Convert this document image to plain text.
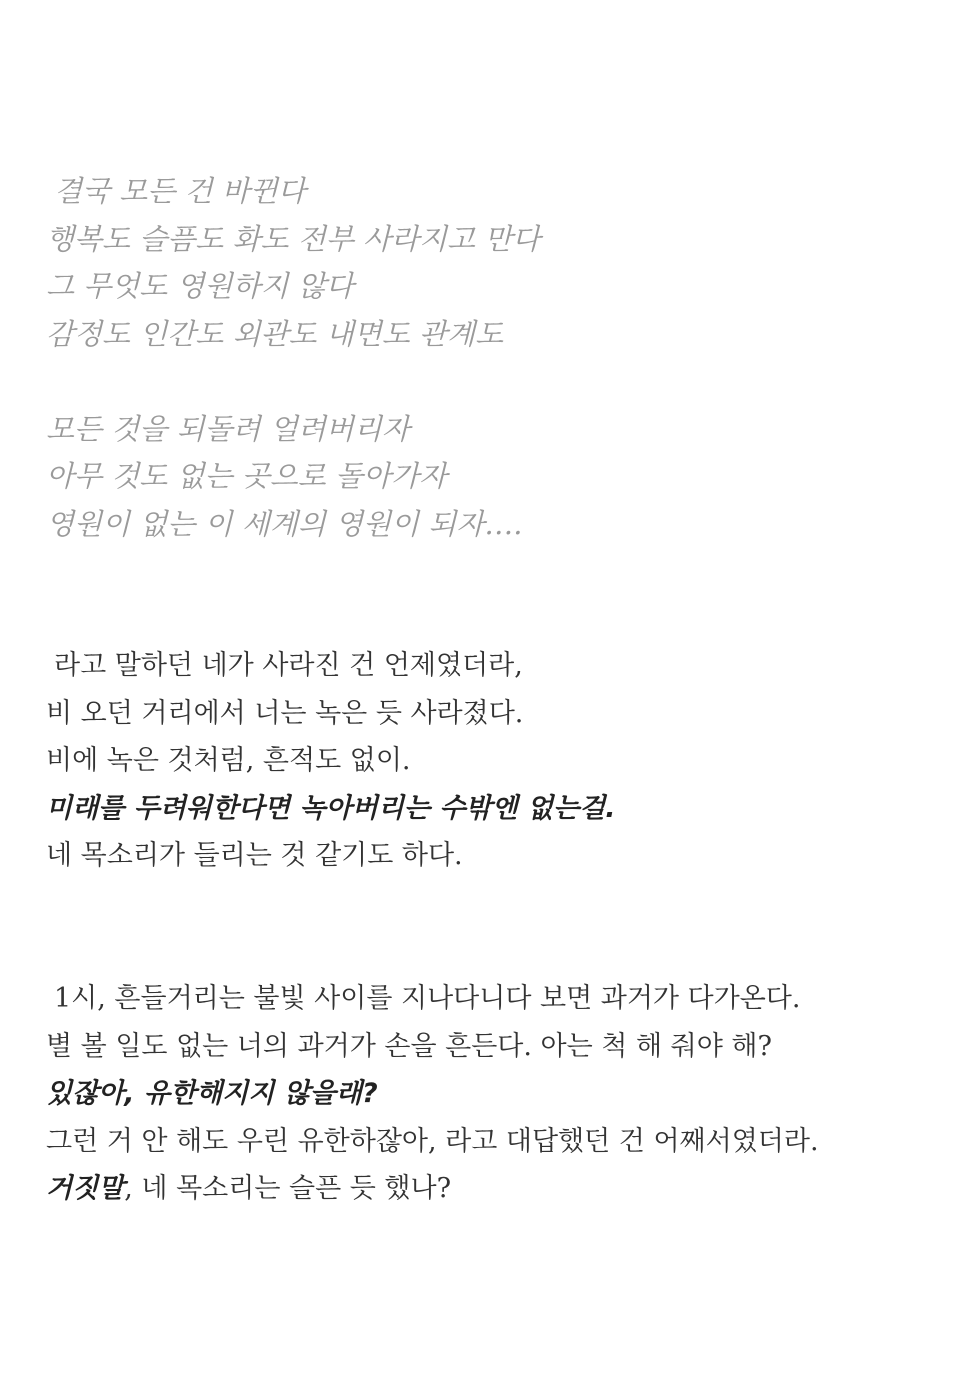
결국 모든 건 바뀐다
행복도 슬픔도 화도 전부 사라지고 만다
그 무엇도 영원하지 않다
감정도 인간도 외관도 내면도 관계도
모든 것을 되돌려 얼려버리자
아무 것도 없는 곳으로 돌아가자
영원이 없는 이 세계의 영원이 되자….
라고 말하던 네가 사라진 건 언제였더라,
비 오던 거리에서 너는 녹은 듯 사라졌다.
비에 녹은 것처럼, 흔적도 없이.
미래를 두려워한다면 녹아버리는 수밖엔 없는걸.
네 목소리가 들리는 것 같기도 하다.
1시, 흔들거리는 불빛 사이를 지나다니다 보면 과거가 다가온다.
별 볼 일도 없는 너의 과거가 손을 흔든다. 아는 척 해 줘야 해?
있잖아, 유한해지지 않을래?
그런 거 안 해도 우린 유한하잖아, 라고 대답했던 건 어째서였더라.
거짓말, 네 목소리는 슬픈 듯 했나?
